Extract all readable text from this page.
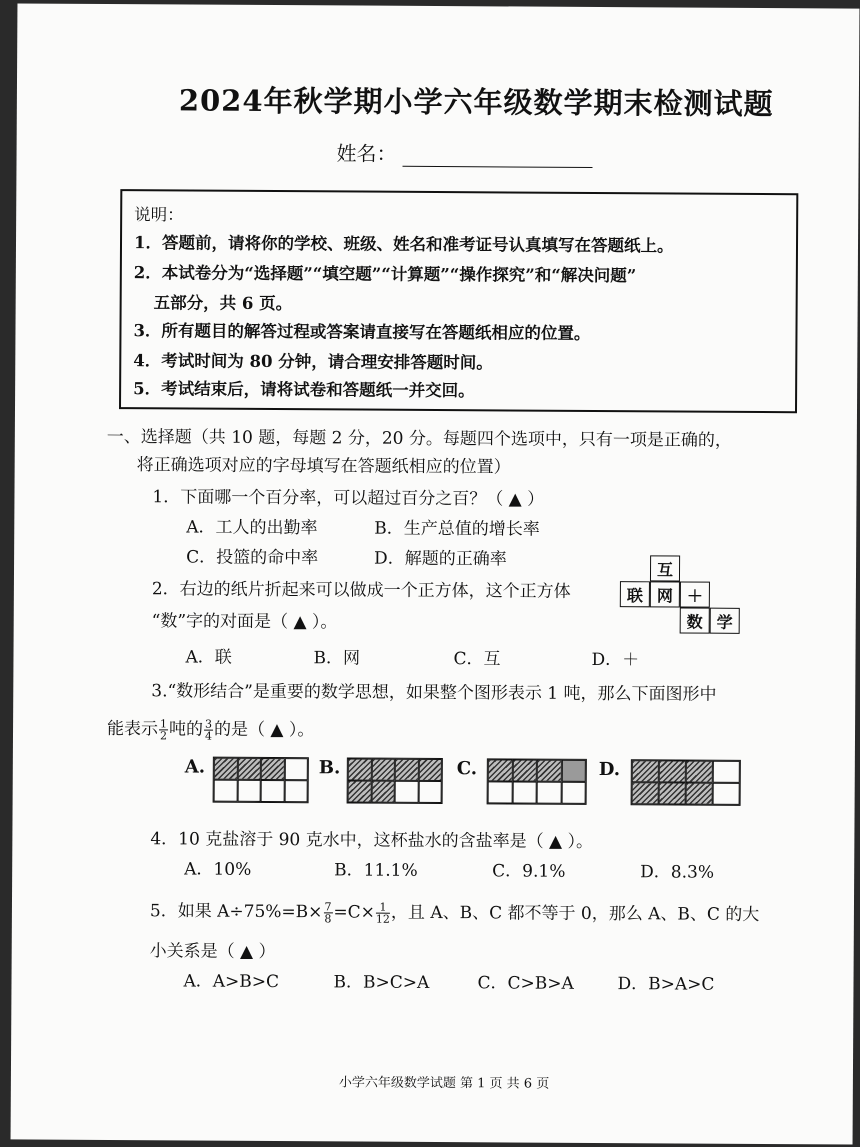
2024年秋学期小学六年级数学期末检测试题
姓名：
说明：
1．答题前，请将你的学校、班级、姓名和准考证号认真填写在答题纸上。
2．本试卷分为“选择题”“填空题”“计算题”“操作探究”和“解决问题”
五部分，共 6 页。
3．所有题目的解答过程或答案请直接写在答题纸相应的位置。
4．考试时间为 80 分钟，请合理安排答题时间。
5．考试结束后，请将试卷和答题纸一并交回。
一、选择题（共 10 题，每题 2 分，20 分。每题四个选项中，只有一项是正确的，
将正确选项对应的字母填写在答题纸相应的位置）
1．下面哪一个百分率，可以超过百分之百？（ ▲ ）
A．工人的出勤率	B．生产总值的增长率
C．投篮的命中率	D．解题的正确率
2．右边的纸片折起来可以做成一个正方体，这个正方体
“数”字的对面是（ ▲ ）。
A．联	B．网	C．互	D．＋
互
联 网 ＋
数 学
3.“数形结合”是重要的数学思想，如果整个图形表示 1 吨，那么下面图形中
能表示 $\frac{1}{2}$ 吨的 $\frac{3}{4}$ 的是（ ▲ ）。
A.	B.	C.	D.
4．10 克盐溶于 90 克水中，这杯盐水的含盐率是（ ▲ ）。
A．10%	B．11.1%	C．9.1%	D．8.3%
5．如果 $A\div 75\%=B\times \frac{7}{8} =C\times \frac{1}{12}$ ，且 A、B、C 都不等于 0，那么 A、B、C 的大
小关系是（ ▲ ）
A．A>B>C	B．B>C>A	C．C>B>A	D．B>A>C
小学六年级数学试题 第 1 页 共 6 页
